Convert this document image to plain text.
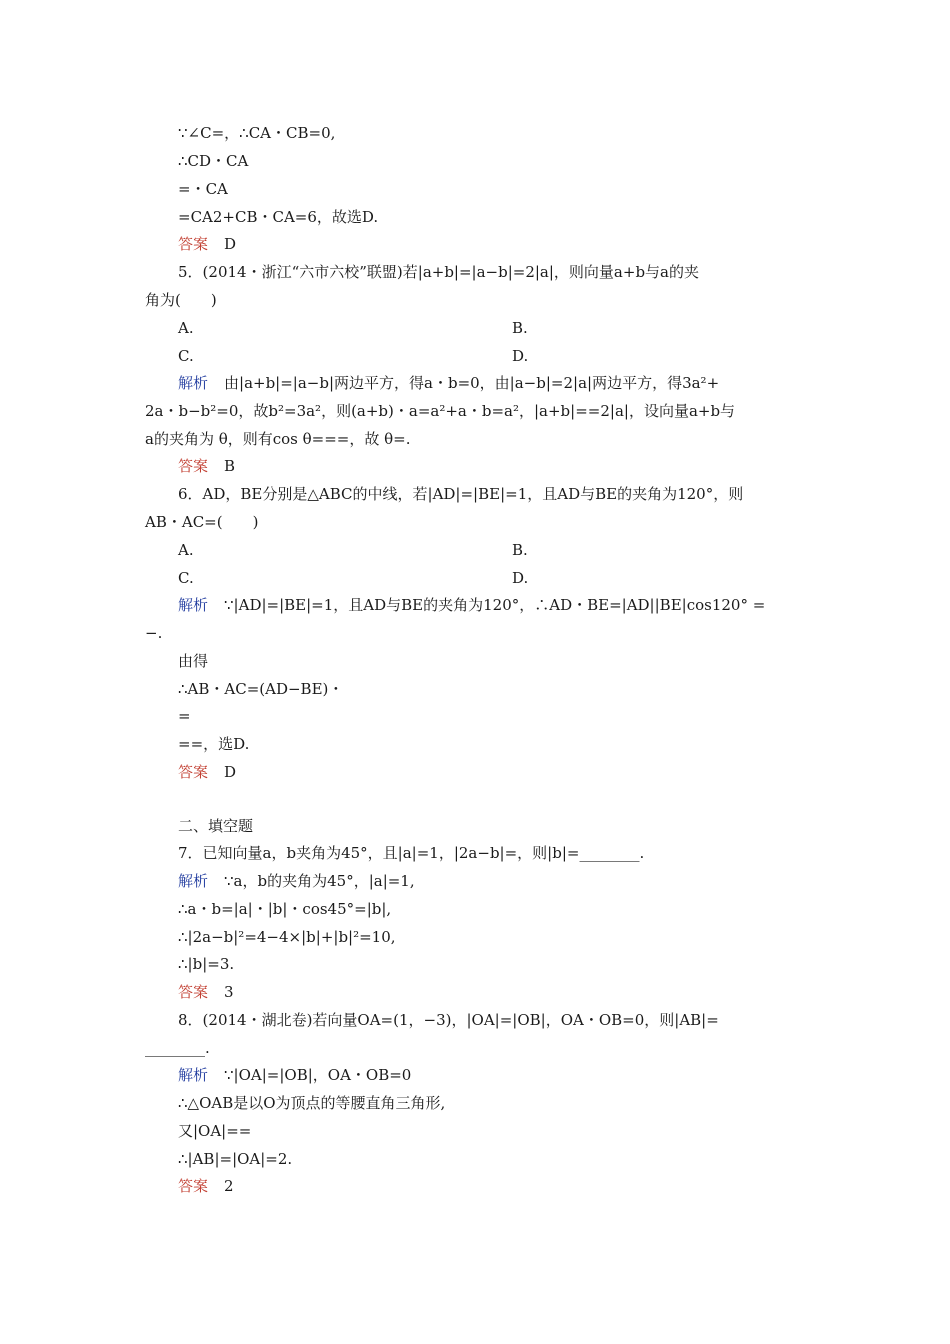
∵∠C=，∴CA・CB=0,
∴CD・CA
=・CA
=CA2+CB・CA=6，故选D.
答案 D
5．(2014・浙江“六市六校”联盟)若|a+b|=|a−b|=2|a|，则向量a+b与a的夹
角为(　　)
A.	B.
C.	D.
解析 由|a+b|=|a−b|两边平方，得a・b=0，由|a−b|=2|a|两边平方，得3a²+
2a・b−b²=0，故b²=3a²，则(a+b)・a=a²+a・b=a²，|a+b|==2|a|，设向量a+b与
a的夹角为 θ，则有cos θ===，故 θ=.
答案 B
6．AD，BE分别是△ABC的中线，若|AD|=|BE|=1，且AD与BE的夹角为120°，则
AB・AC=(　　)
A.	B.
C.	D.
解析 ∵|AD|=|BE|=1，且AD与BE的夹角为120°，∴AD・BE=|AD||BE|cos120° =
−.
由得
∴AB・AC=(AD−BE)・
=
==，选D.
答案 D
二、填空题
7．已知向量a，b夹角为45°，且|a|=1，|2a−b|=，则|b|=________.
解析 ∵a，b的夹角为45°，|a|=1,
∴a・b=|a|・|b|・cos45°=|b|,
∴|2a−b|²=4−4×|b|+|b|²=10,
∴|b|=3.
答案 3
8．(2014・湖北卷)若向量OA=(1，−3)，|OA|=|OB|，OA・OB=0，则|AB|=
________.
解析 ∵|OA|=|OB|，OA・OB=0
∴△OAB是以O为顶点的等腰直角三角形,
又|OA|==
∴|AB|=|OA|=2.
答案 2
